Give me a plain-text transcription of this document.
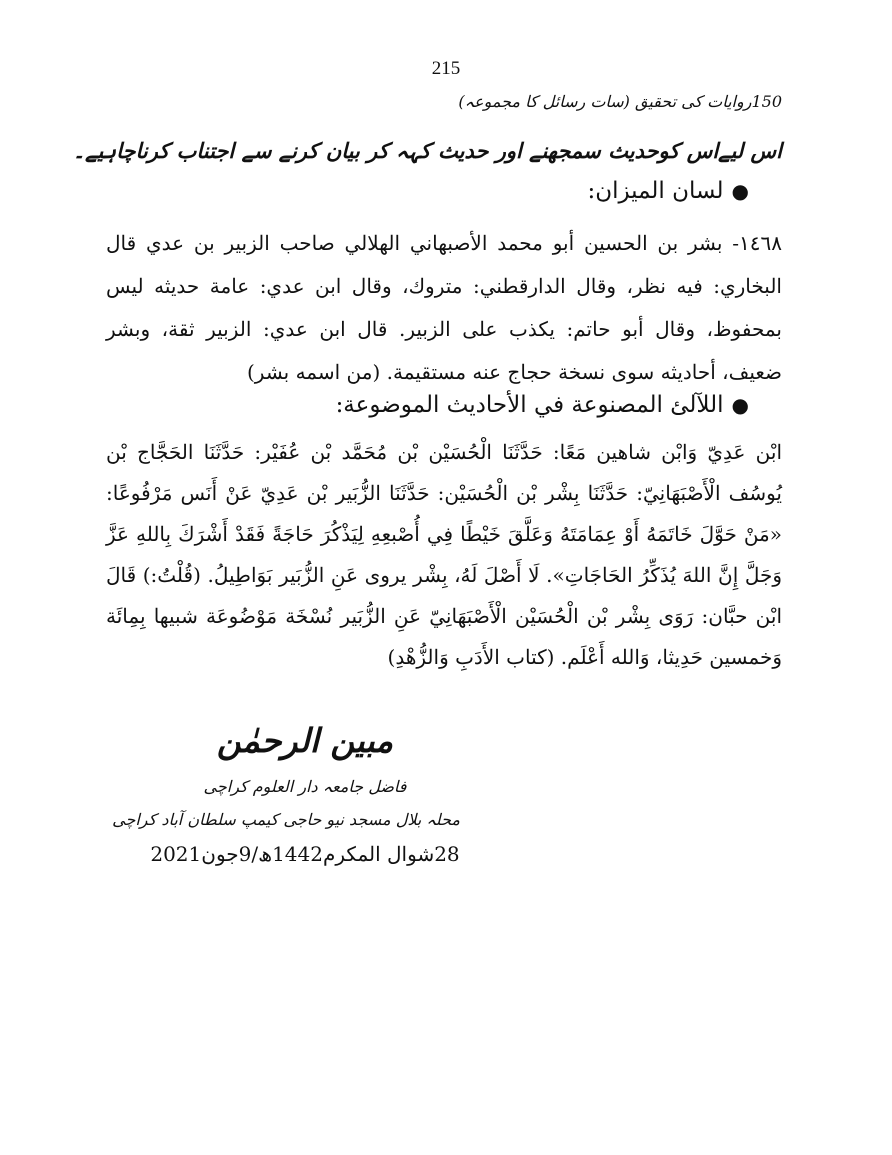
215
150روایات کی تحقیق (سات رسائل کا مجموعہ)
اس لیےاس کوحدیث سمجھنے اور حدیث کہہ کر بیان کرنے سے اجتناب کرناچاہیے۔
●لسان الميزان:
١٤٦٨- بشر بن الحسين أبو محمد الأصبهاني الهلالي صاحب الزبير بن عدي قال البخاري: فيه نظر، وقال الدارقطني: متروك، وقال ابن عدي: عامة حديثه ليس بمحفوظ، وقال أبو حاتم: يكذب على الزبير. قال ابن عدي: الزبير ثقة، وبشر ضعيف، أحاديثه سوى نسخة حجاج عنه مستقيمة. (من اسمه بشر)
●اللآلئ المصنوعة في الأحاديث الموضوعة:
ابْن عَدِيّ وَابْن شاهين مَعًا: حَدَّثَنَا الْحُسَيْن بْن مُحَمَّد بْن عُفَيْر: حَدَّثَنَا الحَجَّاج بْن يُوسُف الْأَصْبَهَانِيّ: حَدَّثَنَا بِشْر بْن الْحُسَيْن: حَدَّثَنَا الزُّبَير بْن عَدِيّ عَنْ أَنَس مَرْفُوعًا: «مَنْ حَوَّلَ خَاتَمَهُ أَوْ عِمَامَتَهُ وَعَلَّقَ خَيْطًا فِي أُصْبعِهِ لِيَذْكُرَ حَاجَةً فَقَدْ أَشْرَكَ بِاللهِ عَزَّ وَجَلَّ إِنَّ اللهَ يُذَكِّرُ الحَاجَاتِ». لَا أَصْلَ لَهُ، بِشْر يروى عَنِ الزُّبَير بَوَاطِيلُ. (قُلْتُ:) قَالَ ابْن حبَّان: رَوَى بِشْر بْن الْحُسَيْن الْأَصْبَهَانِيّ عَنِ الزُّبَير نُسْخَة مَوْضُوعَة شبيها بِمِائَة وَخمسين حَدِيثا، وَالله أَعْلَم. (كتاب الأَدَبِ وَالزُّهْدِ)
مبین الرحمٰن
فاضل جامعہ دار العلوم کراچی
محلہ بلال مسجد نیو حاجی کیمپ سلطان آباد کراچی
28شوال المکرم1442ھ/9جون2021
